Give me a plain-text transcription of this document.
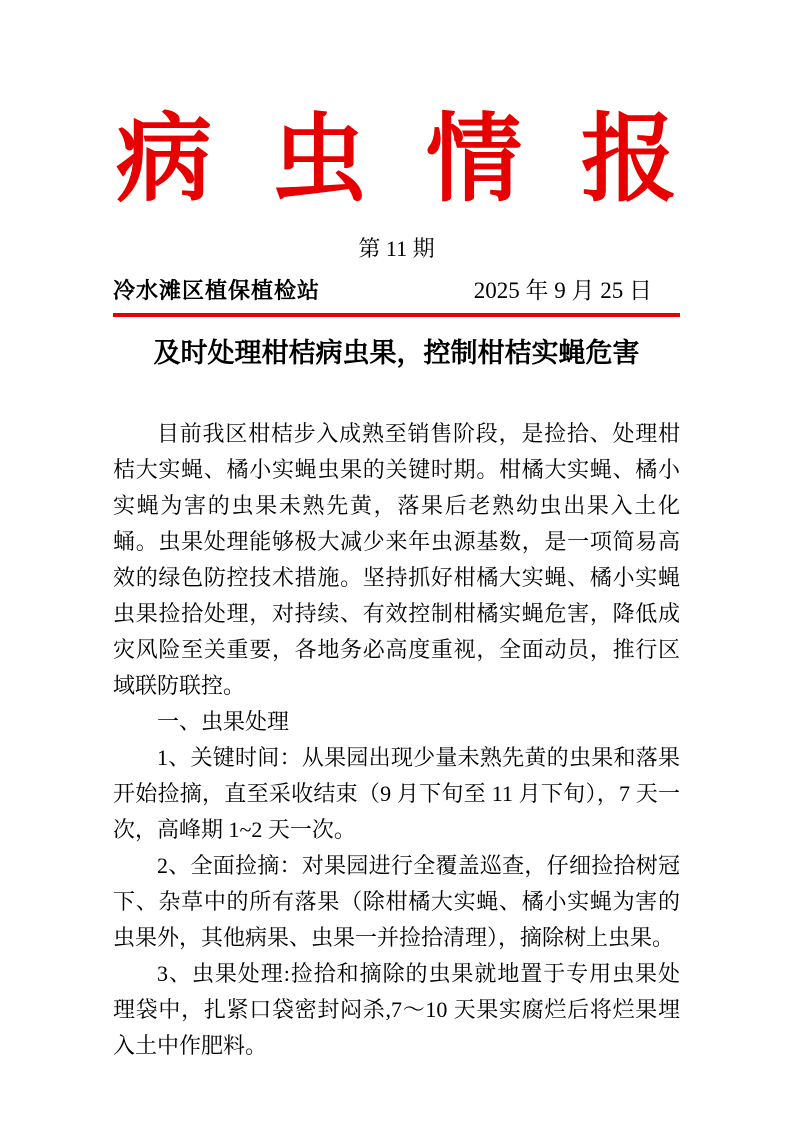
病 虫 情 报
第 11 期
冷水滩区植保植检站	2025 年 9 月 25 日
及时处理柑桔病虫果，控制柑桔实蝇危害

目前我区柑桔步入成熟至销售阶段，是捡拾、处理柑桔大实蝇、橘小实蝇虫果的关键时期。柑橘大实蝇、橘小实蝇为害的虫果未熟先黄，落果后老熟幼虫出果入土化蛹。虫果处理能够极大减少来年虫源基数，是一项简易高效的绿色防控技术措施。坚持抓好柑橘大实蝇、橘小实蝇虫果捡拾处理，对持续、有效控制柑橘实蝇危害，降低成灾风险至关重要，各地务必高度重视，全面动员，推行区域联防联控。

一、虫果处理

1、关键时间：从果园出现少量未熟先黄的虫果和落果开始捡摘，直至采收结束（9 月下旬至 11 月下旬），7 天一次，高峰期 1~2 天一次。

2、全面捡摘：对果园进行全覆盖巡查，仔细捡拾树冠下、杂草中的所有落果（除柑橘大实蝇、橘小实蝇为害的虫果外，其他病果、虫果一并捡拾清理），摘除树上虫果。

3、虫果处理:捡拾和摘除的虫果就地置于专用虫果处理袋中，扎紧口袋密封闷杀,7～10 天果实腐烂后将烂果埋入土中作肥料。
